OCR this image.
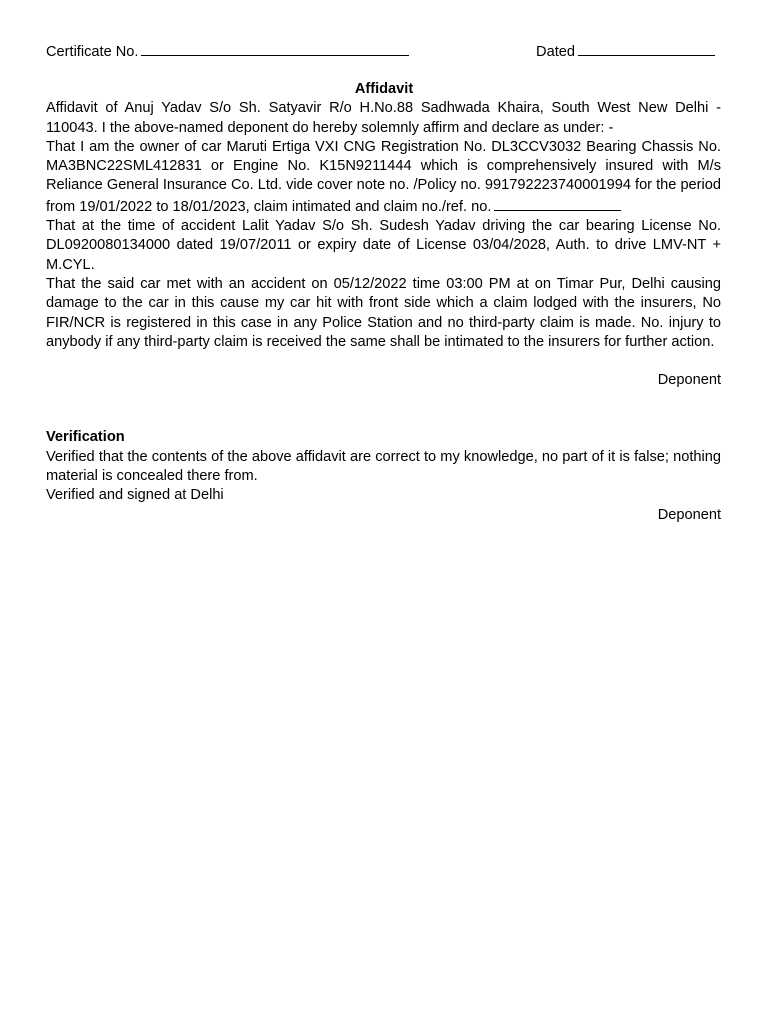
Certificate No.	Dated
Affidavit

Affidavit of Anuj Yadav S/o Sh. Satyavir R/o H.No.88 Sadhwada Khaira, South West New Delhi - 110043. I the above-named deponent do hereby solemnly affirm and declare as under: -

That I am the owner of car Maruti Ertiga VXI CNG Registration No. DL3CCV3032 Bearing Chassis No. MA3BNC22SML412831 or Engine No. K15N9211444 which is comprehensively insured with M/s Reliance General Insurance Co. Ltd. vide cover note no. /Policy no. 991792223740001994 for the period from 19/01/2022 to 18/01/2023, claim intimated and claim no./ref. no.

That at the time of accident Lalit Yadav S/o Sh. Sudesh Yadav driving the car bearing License No. DL0920080134000 dated 19/07/2011 or expiry date of License 03/04/2028, Auth. to drive LMV-NT + M.CYL.

That the said car met with an accident on 05/12/2022 time 03:00 PM at on Timar Pur, Delhi causing damage to the car in this cause my car hit with front side which a claim lodged with the insurers, No FIR/NCR is registered in this case in any Police Station and no third-party claim is made. No. injury to anybody if any third-party claim is received the same shall be intimated to the insurers for further action.

Deponent
Verification

Verified that the contents of the above affidavit are correct to my knowledge, no part of it is false; nothing material is concealed there from.

Verified and signed at Delhi
Deponent
